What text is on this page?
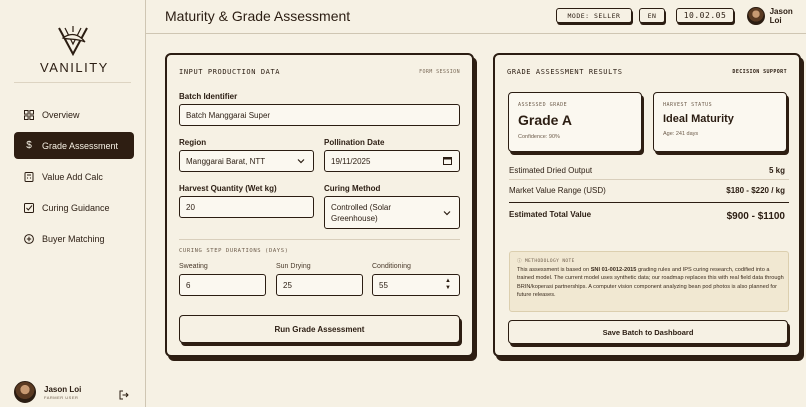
VANILITY
Overview
$ Grade Assessment
Value Add Calc
Curing Guidance
Buyer Matching
Jason Loi
FARMER USER
Maturity & Grade Assessment	MODE: SELLER	EN	10.02.05	Jason Loi
INPUT PRODUCTION DATA	FORM SESSION
Batch Identifier
Batch Manggarai Super
Region
Manggarai Barat, NTT
Pollination Date
19/11/2025
Harvest Quantity (Wet kg)
20
Curing Method
Controlled (Solar Greenhouse)
CURING STEP DURATIONS (DAYS)
Sweating
6
Sun Drying
25
Conditioning
55	▲
▼
Run Grade Assessment
GRADE ASSESSMENT RESULTS	DECISION SUPPORT
ASSESSED GRADE
Grade A
Confidence: 90%
HARVEST STATUS
Ideal Maturity
Age: 241 days
Estimated Dried Output	5 kg
Market Value Range (USD)	$180 - $220 / kg
Estimated Total Value	$900 - $1100
ⓘ METHODOLOGY NOTE
This assessment is based on SNI 01-0012-2015 grading rules and IPS curing research, codified into a trained model. The current model uses synthetic data; our roadmap replaces this with real field data through BRIN/koperasi partnerships. A computer vision component analyzing bean pod photos is also planned for future releases.
Save Batch to Dashboard
